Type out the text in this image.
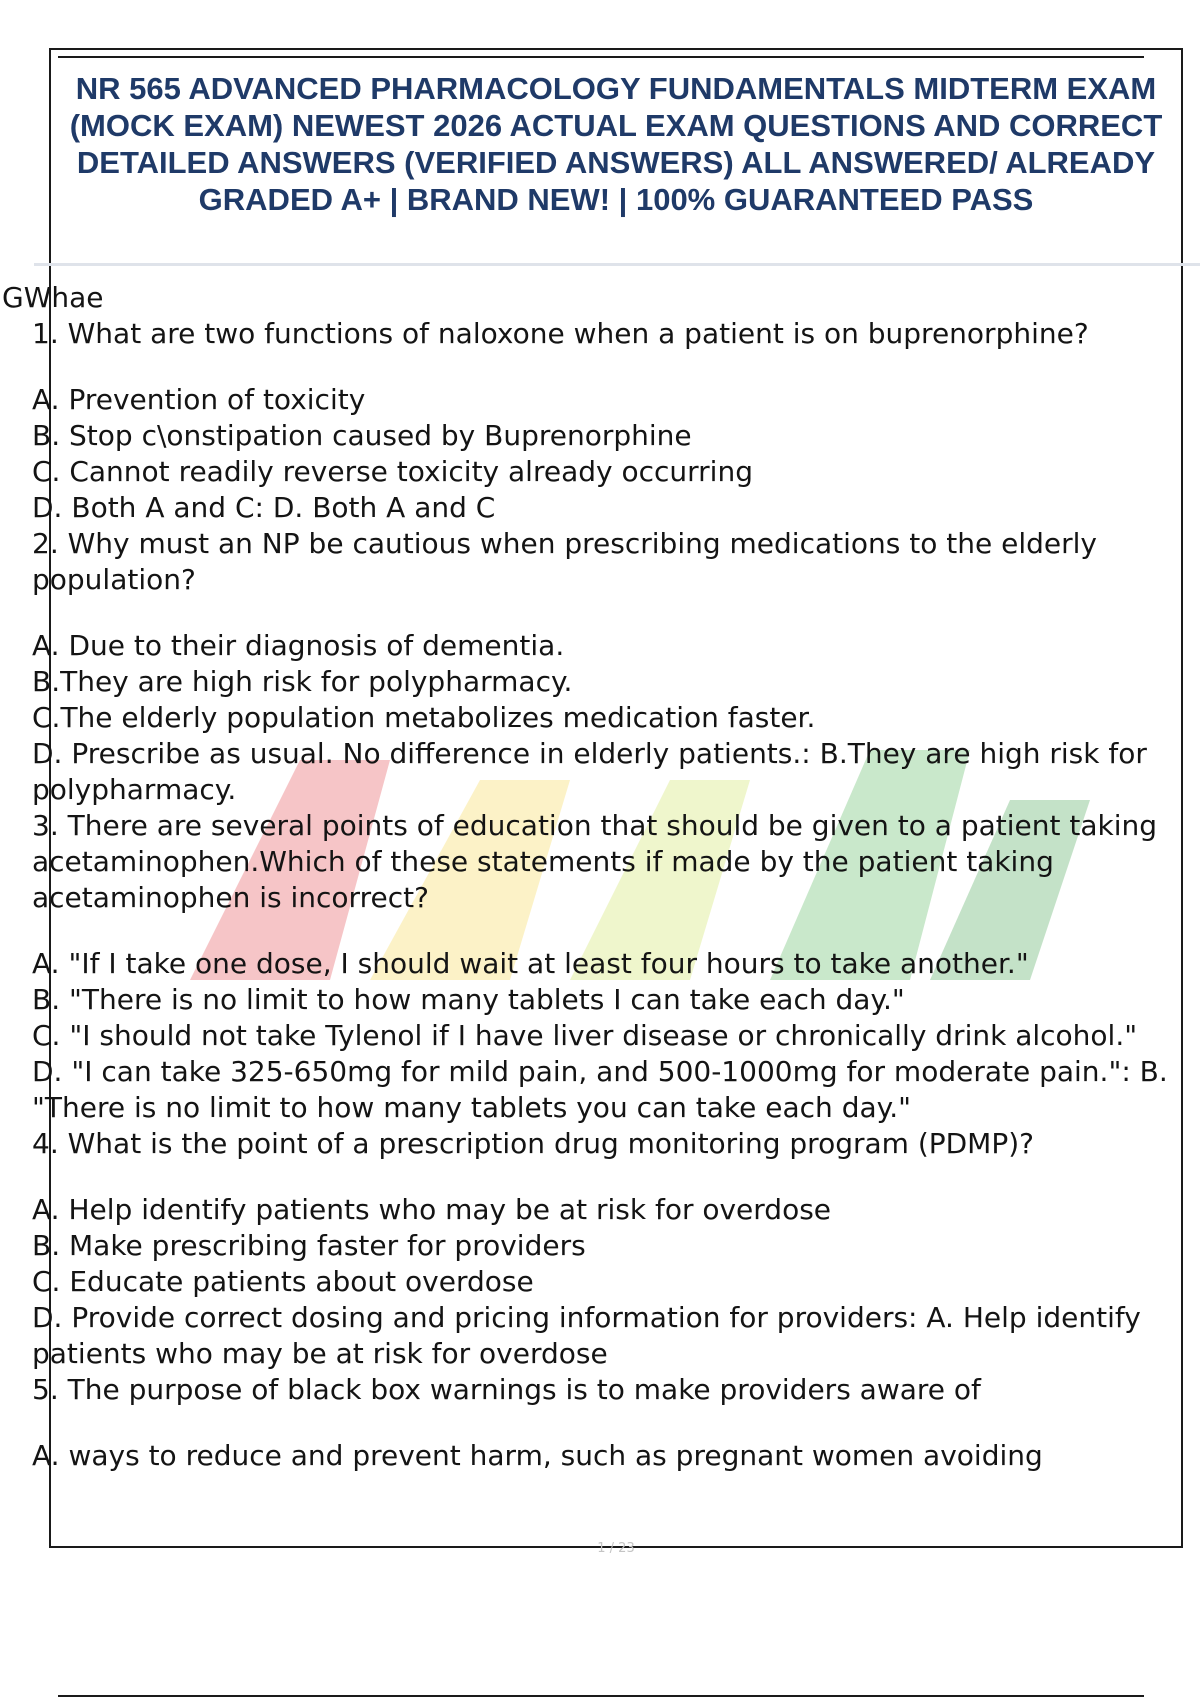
NR 565 ADVANCED PHARMACOLOGY FUNDAMENTALS MIDTERM EXAM
(MOCK EXAM) NEWEST 2026 ACTUAL EXAM QUESTIONS AND CORRECT
DETAILED ANSWERS (VERIFIED ANSWERS) ALL ANSWERED/ ALREADY
GRADED A+ | BRAND NEW! | 100% GUARANTEED PASS
GWhae
1. What are two functions of naloxone when a patient is on buprenorphine?
A. Prevention of toxicity
B. Stop c\onstipation caused by Buprenorphine
C. Cannot readily reverse toxicity already occurring
D. Both A and C: D. Both A and C
2. Why must an NP be cautious when prescribing medications to the elderly
population?
A. Due to their diagnosis of dementia.
B.They are high risk for polypharmacy.
C.The elderly population metabolizes medication faster.
D. Prescribe as usual. No difference in elderly patients.: B.They are high risk for
polypharmacy.
3. There are several points of education that should be given to a patient taking
acetaminophen.Which of these statements if made by the patient taking
acetaminophen is incorrect?
A. "If I take one dose, I should wait at least four hours to take another."
B. "There is no limit to how many tablets I can take each day."
C. "I should not take Tylenol if I have liver disease or chronically drink alcohol."
D. "I can take 325-650mg for mild pain, and 500-1000mg for moderate pain.": B.
"There is no limit to how many tablets you can take each day."
4. What is the point of a prescription drug monitoring program (PDMP)?
A. Help identify patients who may be at risk for overdose
B. Make prescribing faster for providers
C. Educate patients about overdose
D. Provide correct dosing and pricing information for providers: A. Help identify
patients who may be at risk for overdose
5. The purpose of black box warnings is to make providers aware of
A. ways to reduce and prevent harm, such as pregnant women avoiding
1 / 23
